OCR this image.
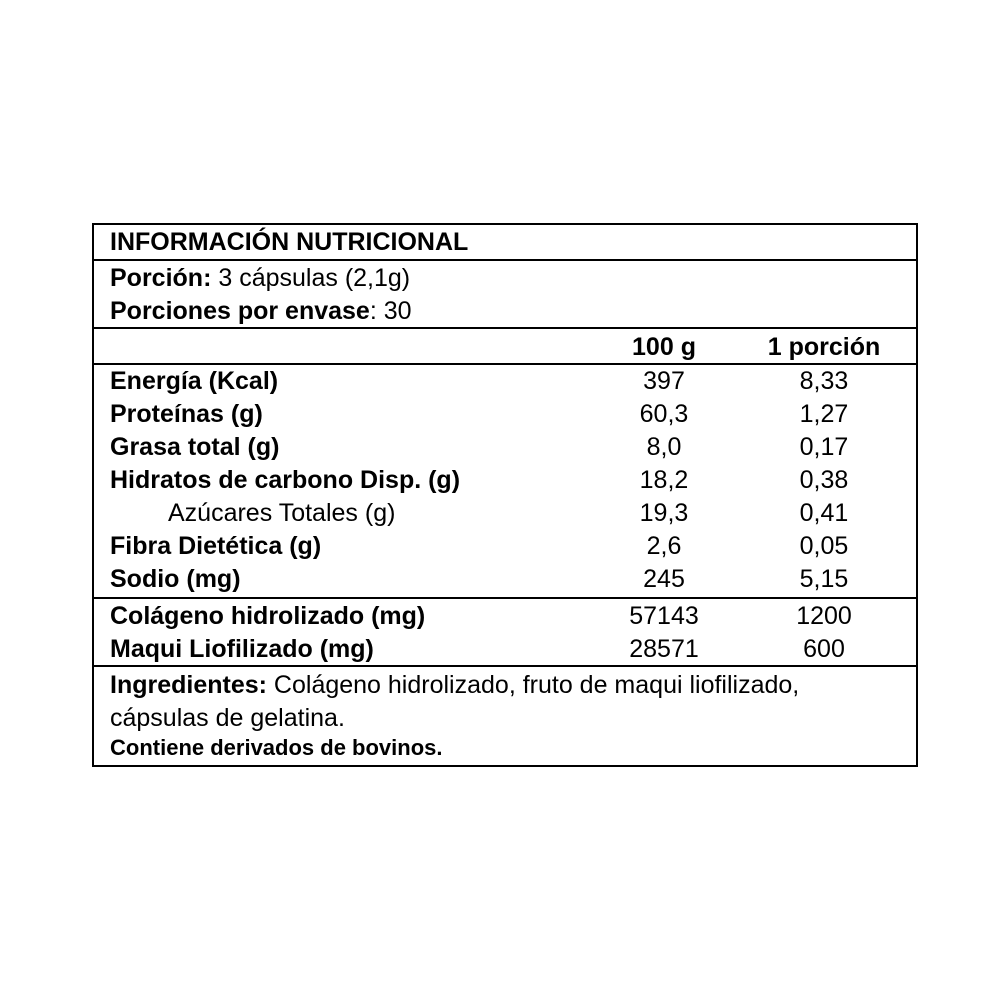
INFORMACIÓN NUTRICIONAL
Porción: 3 cápsulas (2,1g)
Porciones por envase: 30
100 g	1 porción
Energía (Kcal)	397	8,33
Proteínas (g)	60,3	1,27
Grasa total (g)	8,0	0,17
Hidratos de carbono Disp. (g)	18,2	0,38
Azúcares Totales (g)	19,3	0,41
Fibra Dietética (g)	2,6	0,05
Sodio (mg)	245	5,15
Colágeno hidrolizado (mg)	57143	1200
Maqui Liofilizado (mg)	28571	600
Ingredientes: Colágeno hidrolizado, fruto de maqui liofilizado,
cápsulas de gelatina.
Contiene derivados de bovinos.
